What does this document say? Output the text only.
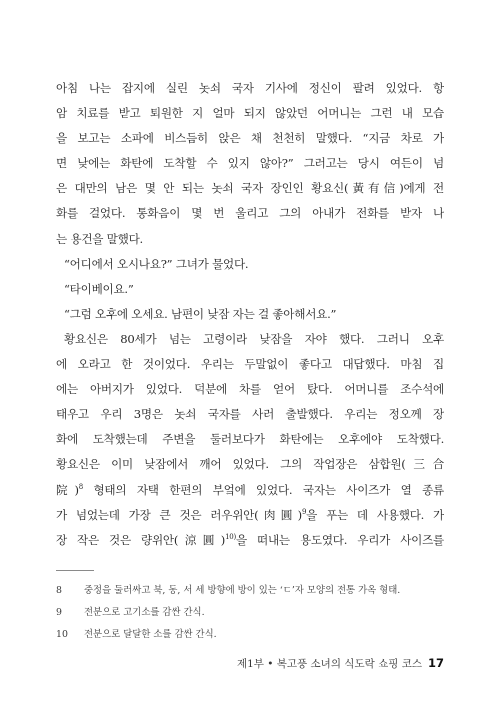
아침 나는 잡지에 실린 놋쇠 국자 기사에 정신이 팔려 있었다. 항
암 치료를 받고 퇴원한 지 얼마 되지 않았던 어머니는 그런 내 모습
을 보고는 소파에 비스듬히 앉은 채 천천히 말했다. “지금 차로 가
면 낮에는 화탄에 도착할 수 있지 않아?” 그러고는 당시 여든이 넘
은 대만의 남은 몇 안 되는 놋쇠 국자 장인인 황요신(黃有信)에게 전
화를 걸었다. 통화음이 몇 번 울리고 그의 아내가 전화를 받자 나
는 용건을 말했다.
“어디에서 오시나요?” 그녀가 물었다.
“타이베이요.”
“그럼 오후에 오세요. 남편이 낮잠 자는 걸 좋아해서요.”
황요신은 80세가 넘는 고령이라 낮잠을 자야 했다. 그러니 오후
에 오라고 한 것이었다. 우리는 두말없이 좋다고 대답했다. 마침 집
에는 아버지가 있었다. 덕분에 차를 얻어 탔다. 어머니를 조수석에
태우고 우리 3명은 놋쇠 국자를 사러 출발했다. 우리는 정오께 장
화에 도착했는데 주변을 둘러보다가 화탄에는 오후에야 도착했다.
황요신은 이미 낮잠에서 깨어 있었다. 그의 작업장은 삼합원(三合
院)$^8$ 형태의 자택 한편의 부엌에 있었다. 국자는 사이즈가 열 종류
가 넘었는데 가장 큰 것은 러우위안(肉圓)$^9$을 푸는 데 사용했다. 가
장 작은 것은 량위안(涼圓)$^{10)}$을 떠내는 용도였다. 우리가 사이즈를
8	중정을 둘러싸고 북, 동, 서 세 방향에 방이 있는 ‘ㄷ’자 모양의 전통 가옥 형태.
9	전분으로 고기소를 감싼 간식.
10	전분으로 달달한 소를 감싼 간식.
제1부 • 복고풍 소녀의 식도락 쇼핑 코스 17
